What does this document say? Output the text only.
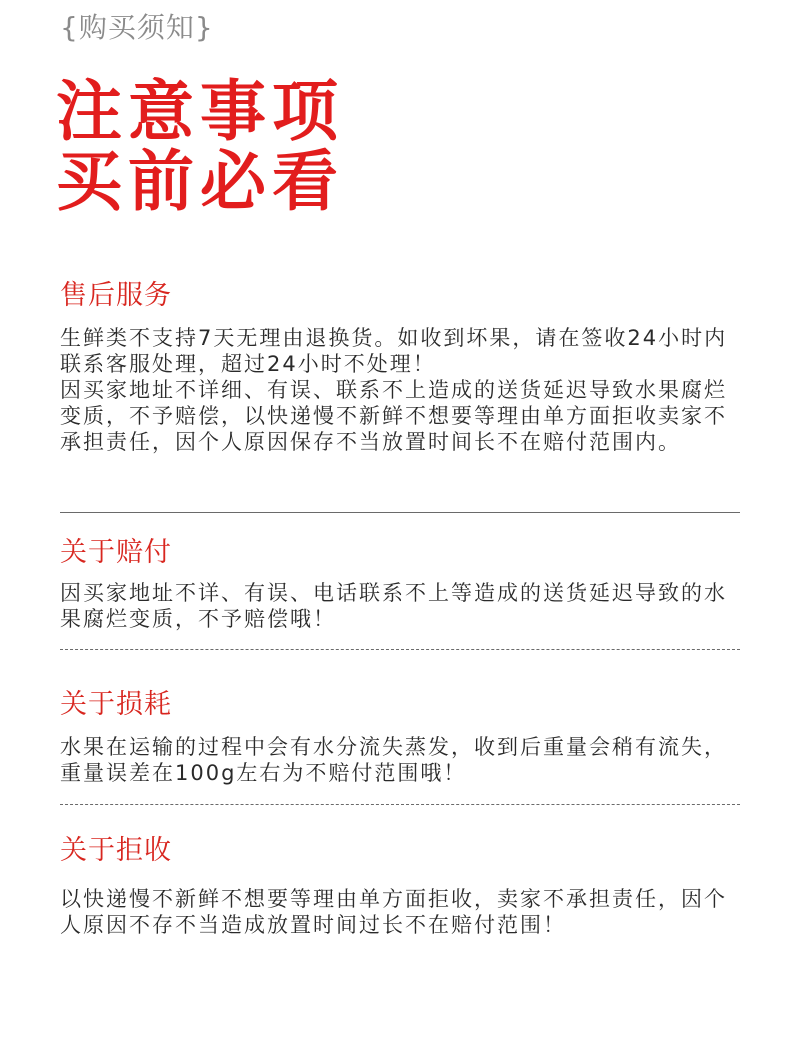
{购买须知}
注意事项
买前必看
售后服务

生鲜类不支持7天无理由退换货。如收到坏果，请在签收24小时内联系客服处理，超过24小时不处理！

因买家地址不详细、有误、联系不上造成的送货延迟导致水果腐烂变质，不予赔偿，以快递慢不新鲜不想要等理由单方面拒收卖家不承担责任，因个人原因保存不当放置时间长不在赔付范围内。

关于赔付

因买家地址不详、有误、电话联系不上等造成的送货延迟导致的水果腐烂变质，不予赔偿哦！

关于损耗

水果在运输的过程中会有水分流失蒸发，收到后重量会稍有流失，重量误差在100g左右为不赔付范围哦！

关于拒收

以快递慢不新鲜不想要等理由单方面拒收，卖家不承担责任，因个人原因不存不当造成放置时间过长不在赔付范围！
